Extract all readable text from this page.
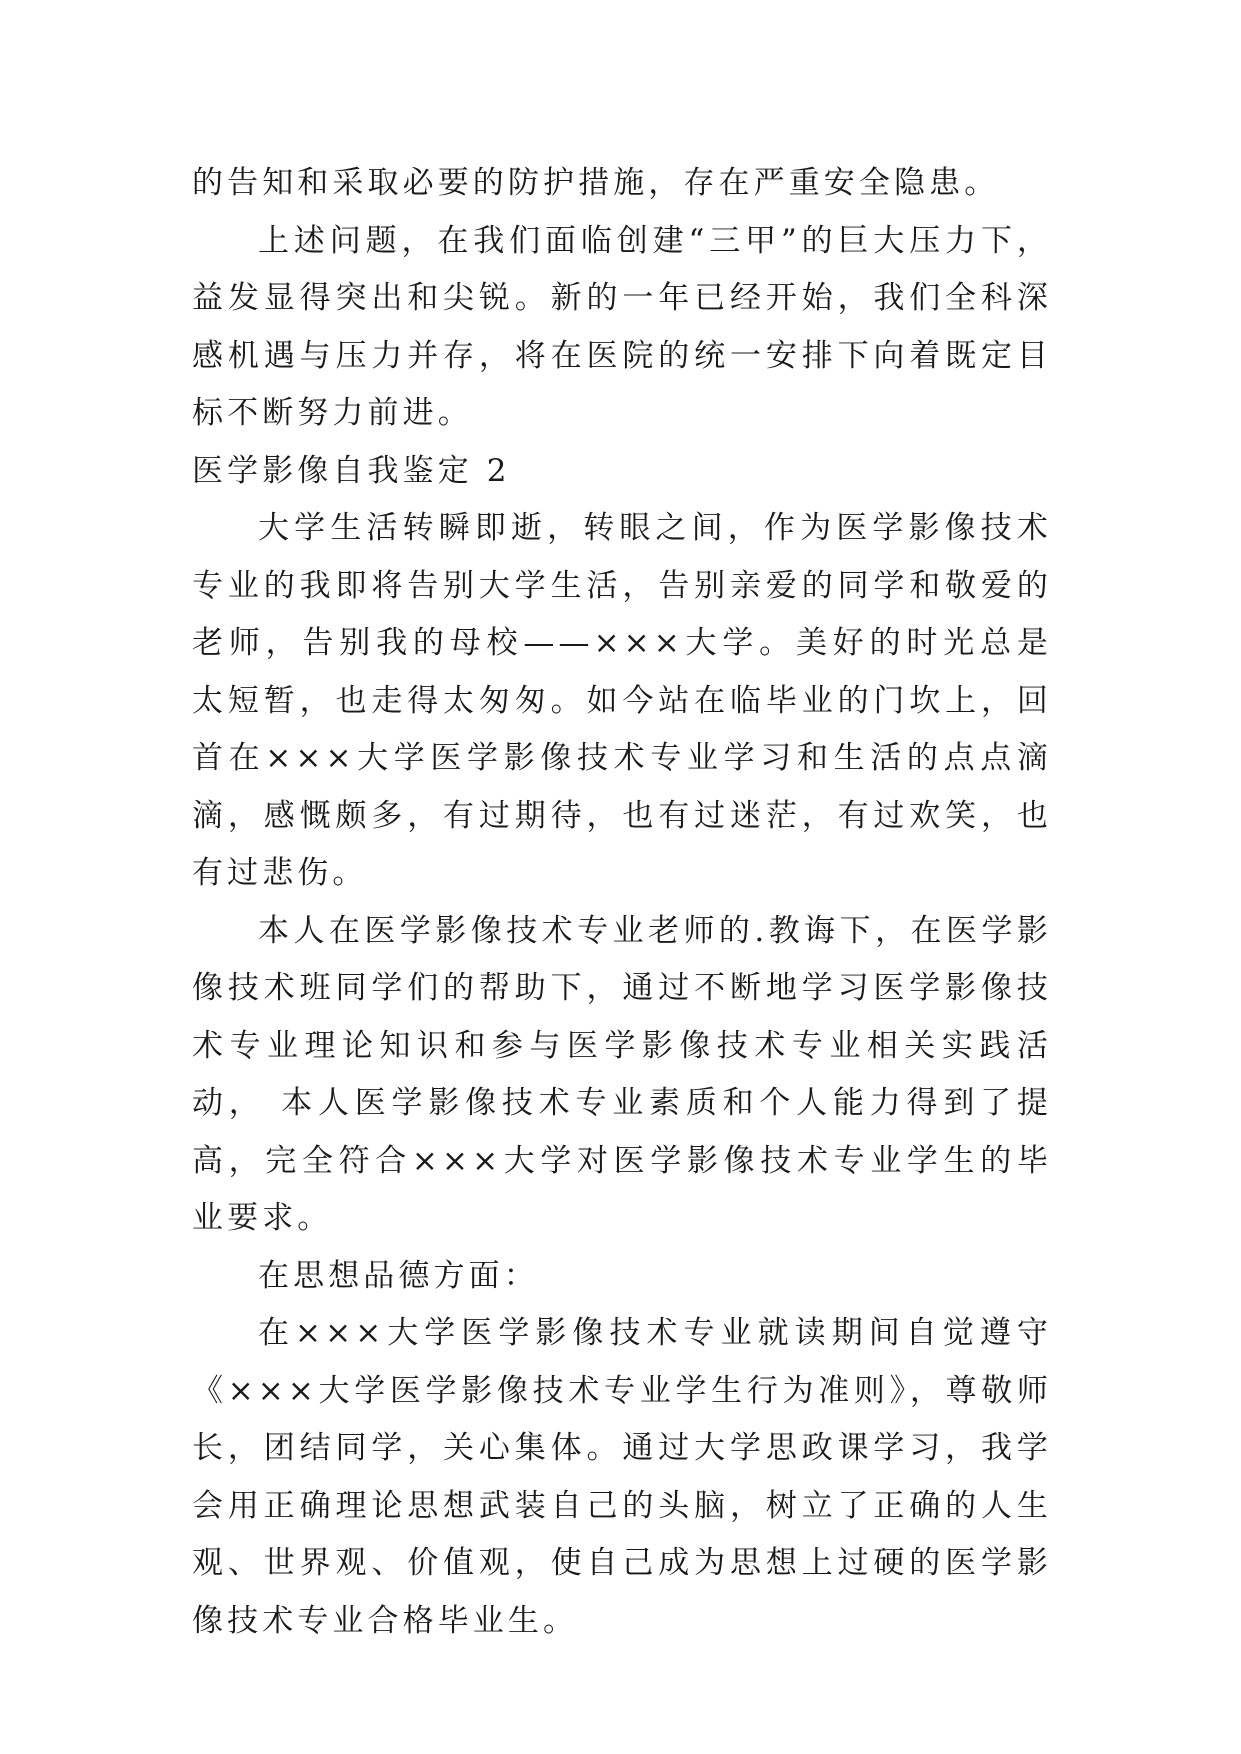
的告知和采取必要的防护措施，存在严重安全隐患。

上述问题，在我们面临创建“三甲”的巨大压力下，益发显得突出和尖锐。新的一年已经开始，我们全科深感机遇与压力并存，将在医院的统一安排下向着既定目标不断努力前进。

医学影像自我鉴定 2

大学生活转瞬即逝，转眼之间，作为医学影像技术专业的我即将告别大学生活，告别亲爱的同学和敬爱的老师，告别我的母校——×××大学。美好的时光总是太短暂，也走得太匆匆。如今站在临毕业的门坎上，回首在×××大学医学影像技术专业学习和生活的点点滴滴，感慨颇多，有过期待，也有过迷茫，有过欢笑，也有过悲伤。

本人在医学影像技术专业老师的.教诲下，在医学影像技术班同学们的帮助下，通过不断地学习医学影像技术专业理论知识和参与医学影像技术专业相关实践活动， 本人医学影像技术专业素质和个人能力得到了提高，完全符合×××大学对医学影像技术专业学生的毕业要求。

在思想品德方面：

在×××大学医学影像技术专业就读期间自觉遵守《×××大学医学影像技术专业学生行为准则》，尊敬师长，团结同学，关心集体。通过大学思政课学习，我学会用正确理论思想武装自己的头脑，树立了正确的人生观、世界观、价值观，使自己成为思想上过硬的医学影像技术专业合格毕业生。
